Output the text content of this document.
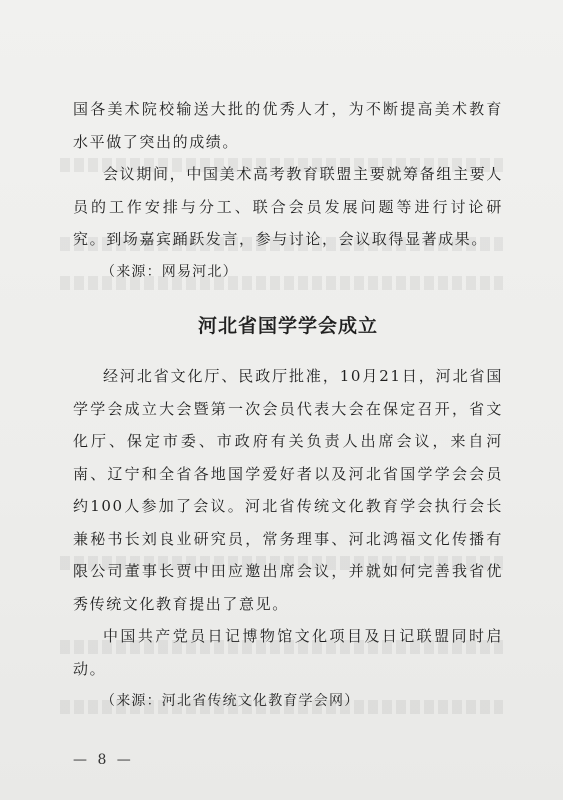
国各美术院校输送大批的优秀人才，为不断提高美术教育水平做了突出的成绩。

会议期间，中国美术高考教育联盟主要就筹备组主要人员的工作安排与分工、联合会员发展问题等进行讨论研究。到场嘉宾踊跃发言，参与讨论，会议取得显著成果。

（来源：网易河北）

河北省国学学会成立

经河北省文化厅、民政厅批准，10月21日，河北省国学学会成立大会暨第一次会员代表大会在保定召开，省文化厅、保定市委、市政府有关负责人出席会议，来自河南、辽宁和全省各地国学爱好者以及河北省国学学会会员约100人参加了会议。河北省传统文化教育学会执行会长兼秘书长刘良业研究员，常务理事、河北鸿福文化传播有限公司董事长贾中田应邀出席会议，并就如何完善我省优秀传统文化教育提出了意见。

中国共产党员日记博物馆文化项目及日记联盟同时启动。

（来源：河北省传统文化教育学会网）

— 8 —
